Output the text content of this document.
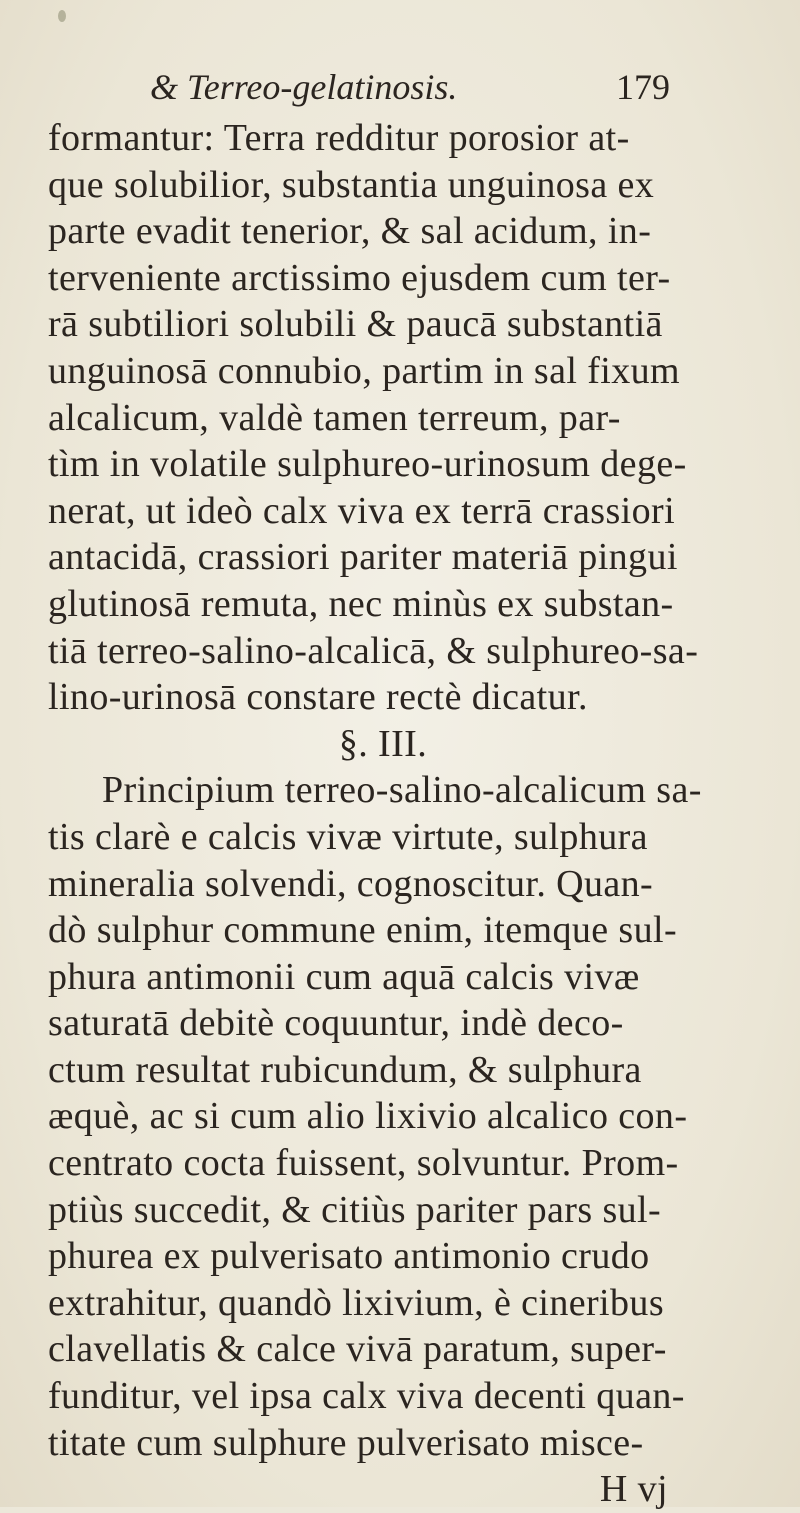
& Terreo-gelatinosis.	179
formantur: Terra redditur porosior at-
que solubilior, substantia unguinosa ex
parte evadit tenerior, & sal acidum, in-
terveniente arctissimo ejusdem cum ter-
rā subtiliori solubili & paucā substantiā
unguinosā connubio, partim in sal fixum
alcalicum, valdè tamen terreum, par-
tìm in volatile sulphureo-urinosum dege-
nerat, ut ideò calx viva ex terrā crassiori
antacidā, crassiori pariter materiā pingui
glutinosā remuta, nec minùs ex substan-
tiā terreo-salino-alcalicā, & sulphureo-sa-
lino-urinosā constare rectè dicatur.
§. III.
Principium terreo-salino-alcalicum sa-
tis clarè e calcis vivæ virtute, sulphura
mineralia solvendi, cognoscitur. Quan-
dò sulphur commune enim, itemque sul-
phura antimonii cum aquā calcis vivæ
saturatā debitè coquuntur, indè deco-
ctum resultat rubicundum, & sulphura
æquè, ac si cum alio lixivio alcalico con-
centrato cocta fuissent, solvuntur. Prom-
ptiùs succedit, & citiùs pariter pars sul-
phurea ex pulverisato antimonio crudo
extrahitur, quandò lixivium, è cineribus
clavellatis & calce vivā paratum, super-
funditur, vel ipsa calx viva decenti quan-
titate cum sulphure pulverisato misce-
H vj
